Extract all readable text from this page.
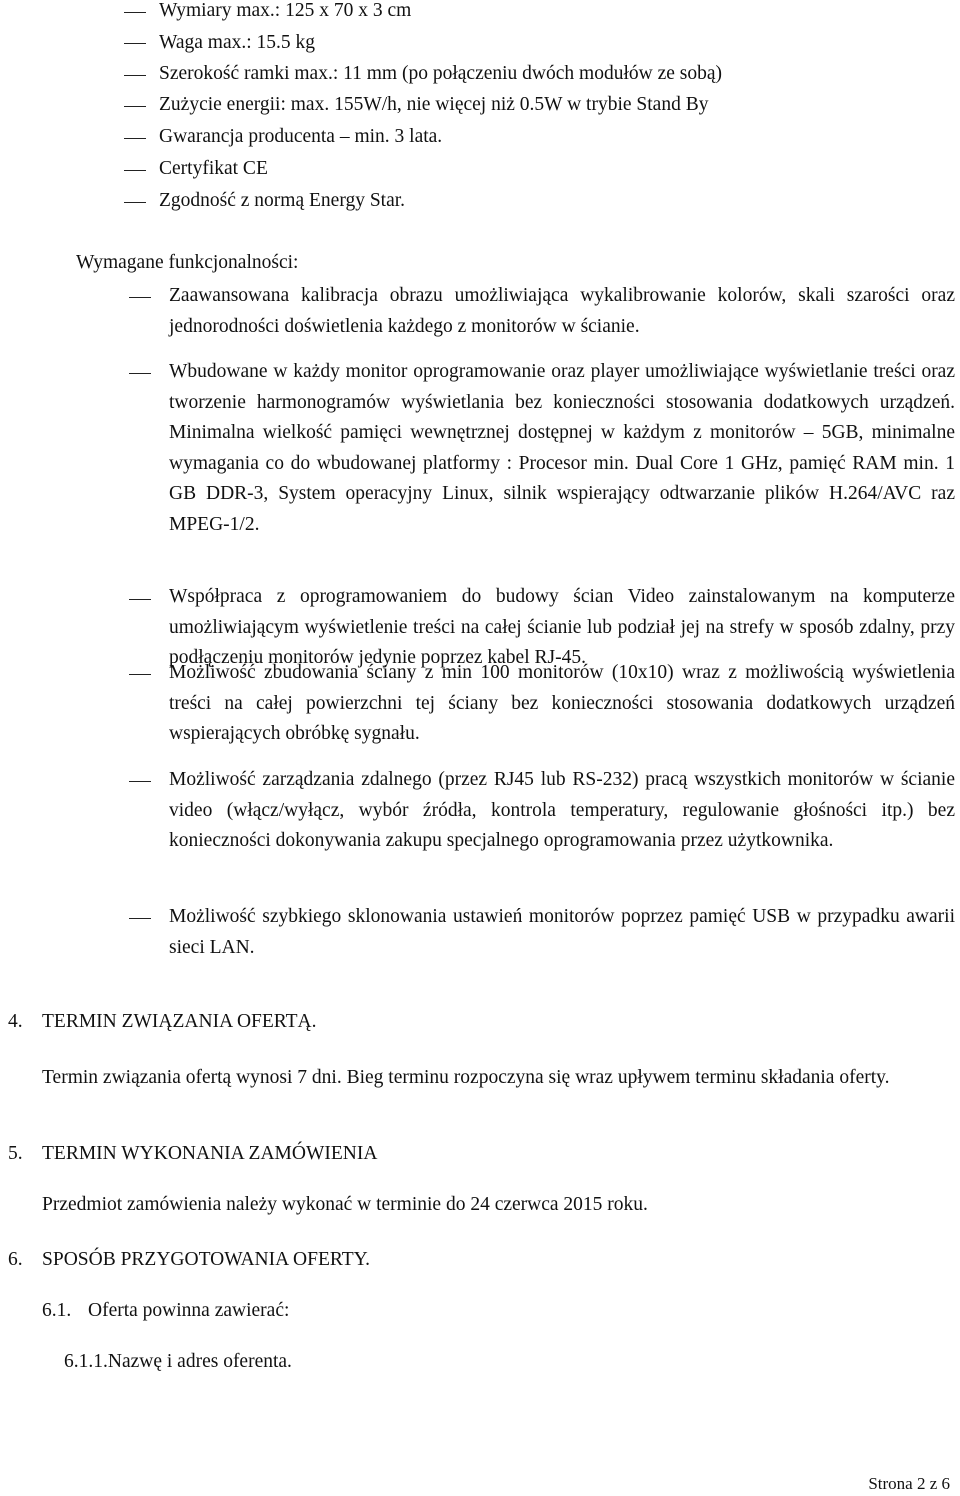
Wymiary max.: 125 x 70 x 3 cm
Waga max.: 15.5 kg
Szerokość ramki max.: 11 mm (po połączeniu dwóch modułów ze sobą)
Zużycie energii: max. 155W/h, nie więcej niż 0.5W w trybie Stand By
Gwarancja producenta – min. 3 lata.
Certyfikat CE
Zgodność z normą Energy Star.
Wymagane funkcjonalności:
Zaawansowana kalibracja obrazu umożliwiająca wykalibrowanie kolorów, skali szarości oraz jednorodności doświetlenia każdego z monitorów w ścianie.
Wbudowane w każdy monitor oprogramowanie oraz player umożliwiające wyświetlanie treści oraz tworzenie harmonogramów wyświetlania bez konieczności stosowania dodatkowych urządzeń. Minimalna wielkość pamięci wewnętrznej dostępnej w każdym z monitorów – 5GB, minimalne wymagania co do wbudowanej platformy : Procesor min. Dual Core 1 GHz, pamięć RAM min. 1 GB DDR-3, System operacyjny Linux, silnik wspierający odtwarzanie plików H.264/AVC raz MPEG-1/2.
Współpraca z oprogramowaniem do budowy ścian Video zainstalowanym na komputerze umożliwiającym wyświetlenie treści na całej ścianie lub podział jej na strefy w sposób zdalny, przy podłączeniu monitorów jedynie poprzez kabel RJ-45.
Możliwość zbudowania ściany z min 100 monitorów (10x10) wraz z możliwością wyświetlenia treści na całej powierzchni tej ściany bez konieczności stosowania dodatkowych urządzeń wspierających obróbkę sygnału.
Możliwość zarządzania zdalnego (przez RJ45 lub RS-232) pracą wszystkich monitorów w ścianie video (włącz/wyłącz, wybór źródła, kontrola temperatury, regulowanie głośności itp.) bez konieczności dokonywania zakupu specjalnego oprogramowania przez użytkownika.
Możliwość szybkiego sklonowania ustawień monitorów poprzez pamięć USB w przypadku awarii sieci LAN.
4. TERMIN ZWIĄZANIA OFERTĄ.
Termin związania ofertą wynosi 7 dni. Bieg terminu rozpoczyna się wraz upływem terminu składania oferty.
5. TERMIN WYKONANIA ZAMÓWIENIA
Przedmiot zamówienia należy wykonać w terminie do 24 czerwca 2015 roku.
6. SPOSÓB PRZYGOTOWANIA OFERTY.
6.1. Oferta powinna zawierać:
6.1.1.Nazwę i adres oferenta.
Strona 2 z 6
